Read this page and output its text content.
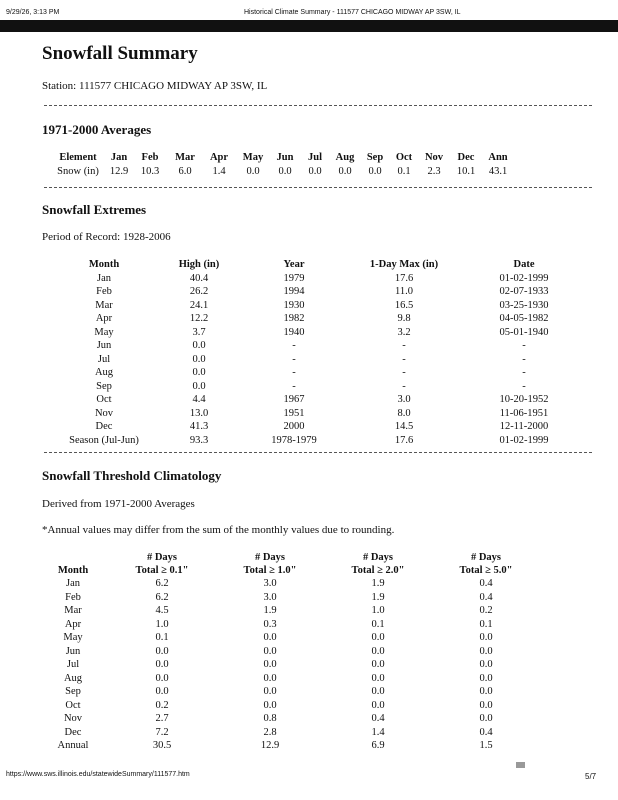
9/29/26, 3:13 PM	Historical Climate Summary - 111577 CHICAGO MIDWAY AP 3SW, IL
Snowfall Summary
Station: 111577 CHICAGO MIDWAY AP 3SW, IL
1971-2000 Averages
Element	Jan	Feb	Mar	Apr	May	Jun	Jul	Aug	Sep	Oct	Nov	Dec	Ann
Snow (in)	12.9	10.3	6.0	1.4	0.0	0.0	0.0	0.0	0.0	0.1	2.3	10.1	43.1
Snowfall Extremes
Period of Record: 1928-2006
Month	High (in)	Year	1-Day Max (in)	Date
Jan	40.4	1979	17.6	01-02-1999
Feb	26.2	1994	11.0	02-07-1933
Mar	24.1	1930	16.5	03-25-1930
Apr	12.2	1982	9.8	04-05-1982
May	3.7	1940	3.2	05-01-1940
Jun	0.0	-	-	-
Jul	0.0	-	-	-
Aug	0.0	-	-	-
Sep	0.0	-	-	-
Oct	4.4	1967	3.0	10-20-1952
Nov	13.0	1951	8.0	11-06-1951
Dec	41.3	2000	14.5	12-11-2000
Season (Jul-Jun)	93.3	1978-1979	17.6	01-02-1999
Snowfall Threshold Climatology
Derived from 1971-2000 Averages
*Annual values may differ from the sum of the monthly values due to rounding.
	# Days	# Days	# Days	# Days
Month	Total ≥ 0.1"	Total ≥ 1.0"	Total ≥ 2.0"	Total ≥ 5.0"
Jan	6.2	3.0	1.9	0.4
Feb	6.2	3.0	1.9	0.4
Mar	4.5	1.9	1.0	0.2
Apr	1.0	0.3	0.1	0.1
May	0.1	0.0	0.0	0.0
Jun	0.0	0.0	0.0	0.0
Jul	0.0	0.0	0.0	0.0
Aug	0.0	0.0	0.0	0.0
Sep	0.0	0.0	0.0	0.0
Oct	0.2	0.0	0.0	0.0
Nov	2.7	0.8	0.4	0.0
Dec	7.2	2.8	1.4	0.4
Annual	30.5	12.9	6.9	1.5
https://www.sws.illinois.edu/statewideSummary/111577.htm	5/7
